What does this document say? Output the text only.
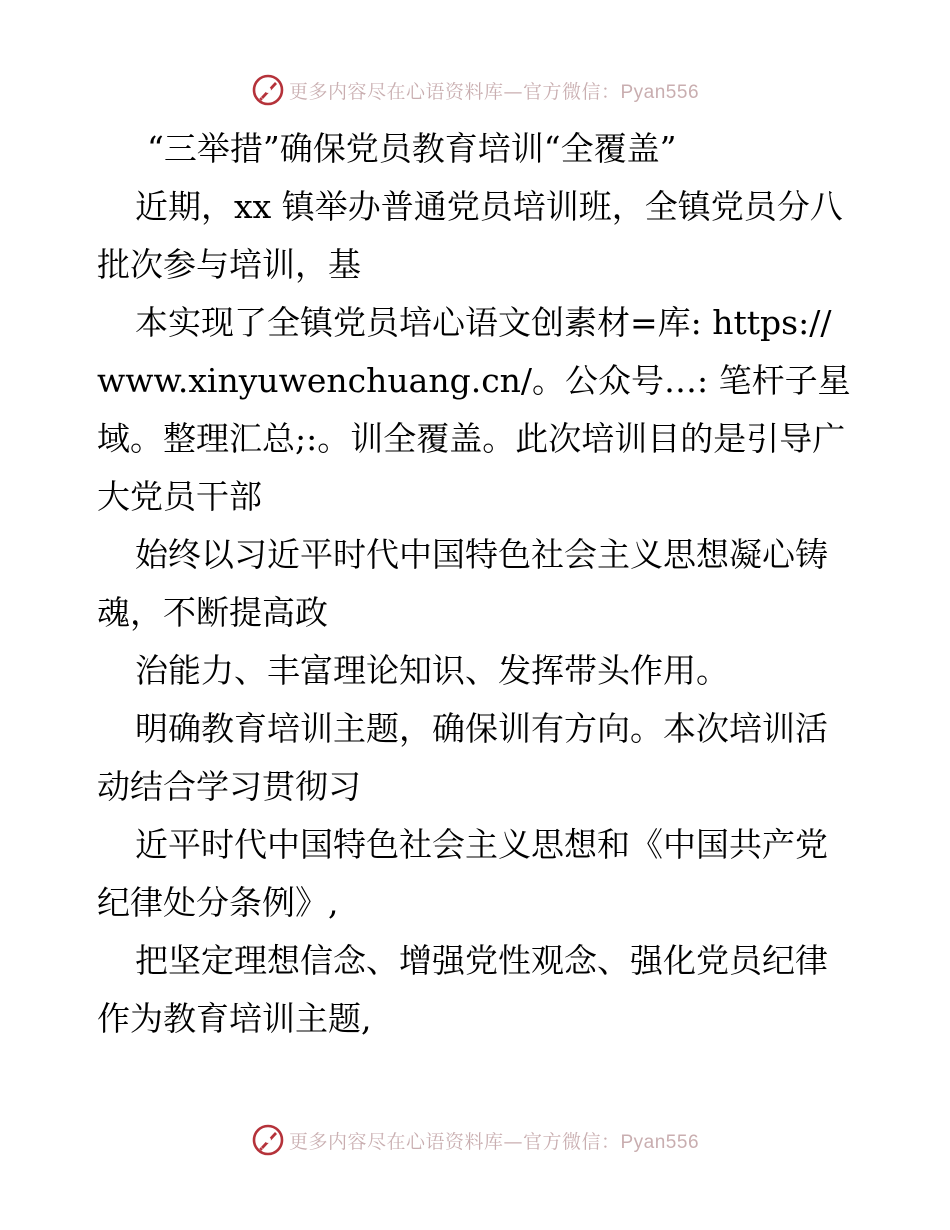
更多内容尽在心语资料库—官方微信：Pyan556
“三举措”确保党员教育培训“全覆盖”

近期，xx 镇举办普通党员培训班，全镇党员分八批次参与培训，基

本实现了全镇党员培心语文创素材=库: https://www.xinyuwenchuang.cn/。公众号…: 笔杆子星域。整理汇总;:。训全覆盖。此次培训目的是引导广大党员干部

始终以习近平时代中国特色社会主义思想凝心铸魂，不断提高政

治能力、丰富理论知识、发挥带头作用。

明确教育培训主题，确保训有方向。本次培训活动结合学习贯彻习

近平时代中国特色社会主义思想和《中国共产党纪律处分条例》,

把坚定理想信念、增强党性观念、强化党员纪律作为教育培训主题,

更多内容尽在心语资料库—官方微信：Pyan556
